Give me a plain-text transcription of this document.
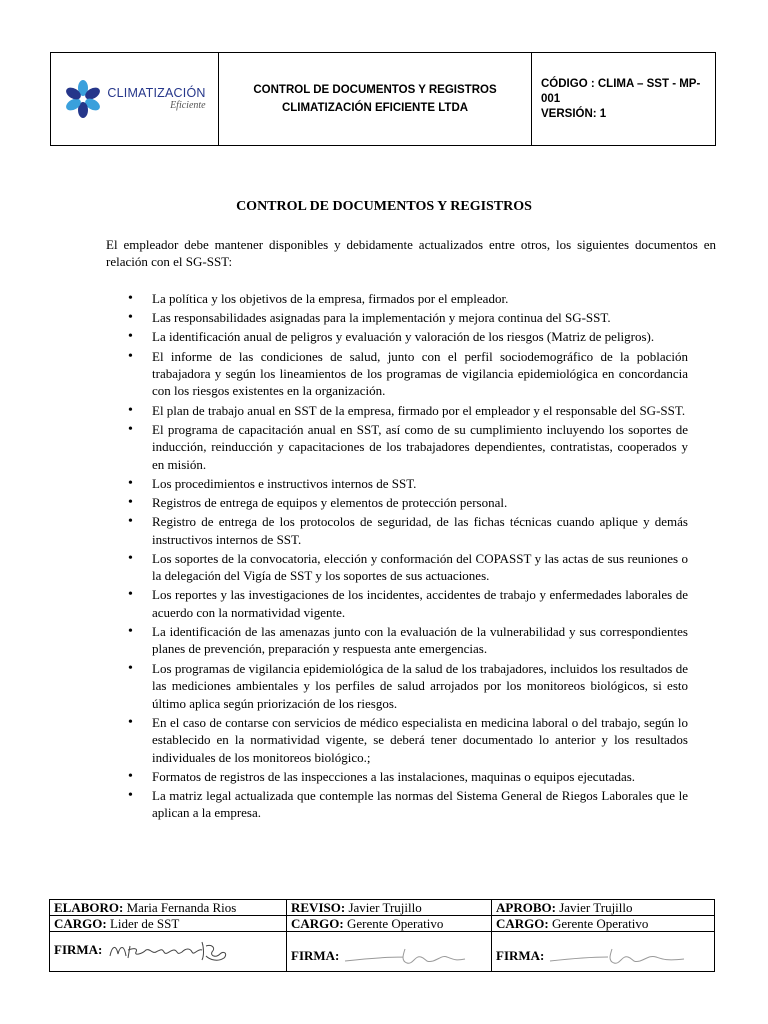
CLIMATIZACIÓN
Eficiente

CONTROL DE DOCUMENTOS Y REGISTROS
CLIMATIZACIÓN EFICIENTE LTDA

CÓDIGO : CLIMA – SST - MP-
001
VERSIÓN: 1
CONTROL DE DOCUMENTOS Y REGISTROS

El empleador debe mantener disponibles y debidamente actualizados entre otros, los siguientes documentos en relación con el SG-SST:

• La política y los objetivos de la empresa, firmados por el empleador.
• Las responsabilidades asignadas para la implementación y mejora continua del SG-SST.
• La identificación anual de peligros y evaluación y valoración de los riesgos (Matriz de peligros).
• El informe de las condiciones de salud, junto con el perfil sociodemográfico de la población trabajadora y según los lineamientos de los programas de vigilancia epidemiológica en concordancia con los riesgos existentes en la organización.
• El plan de trabajo anual en SST de la empresa, firmado por el empleador y el responsable del SG-SST.
• El programa de capacitación anual en SST, así como de su cumplimiento incluyendo los soportes de inducción, reinducción y capacitaciones de los trabajadores dependientes, contratistas, cooperados y en misión.
• Los procedimientos e instructivos internos de SST.
• Registros de entrega de equipos y elementos de protección personal.
• Registro de entrega de los protocolos de seguridad, de las fichas técnicas cuando aplique y demás instructivos internos de SST.
• Los soportes de la convocatoria, elección y conformación del COPASST y las actas de sus reuniones o la delegación del Vigía de SST y los soportes de sus actuaciones.
• Los reportes y las investigaciones de los incidentes, accidentes de trabajo y enfermedades laborales de acuerdo con la normatividad vigente.
• La identificación de las amenazas junto con la evaluación de la vulnerabilidad y sus correspondientes planes de prevención, preparación y respuesta ante emergencias.
• Los programas de vigilancia epidemiológica de la salud de los trabajadores, incluidos los resultados de las mediciones ambientales y los perfiles de salud arrojados por los monitoreos biológicos, si esto último aplica según priorización de los riesgos.
• En el caso de contarse con servicios de médico especialista en medicina laboral o del trabajo, según lo establecido en la normatividad vigente, se deberá tener documentado lo anterior y los resultados individuales de los monitoreos biológico.;
• Formatos de registros de las inspecciones a las instalaciones, maquinas o equipos ejecutadas.
• La matriz legal actualizada que contemple las normas del Sistema General de Riegos Laborales que le aplican a la empresa.
ELABORO: Maria Fernanda Rios	REVISO: Javier Trujillo	APROBO: Javier Trujillo
CARGO: Lider de SST	CARGO: Gerente Operativo	CARGO: Gerente Operativo
FIRMA:	FIRMA:	FIRMA:
